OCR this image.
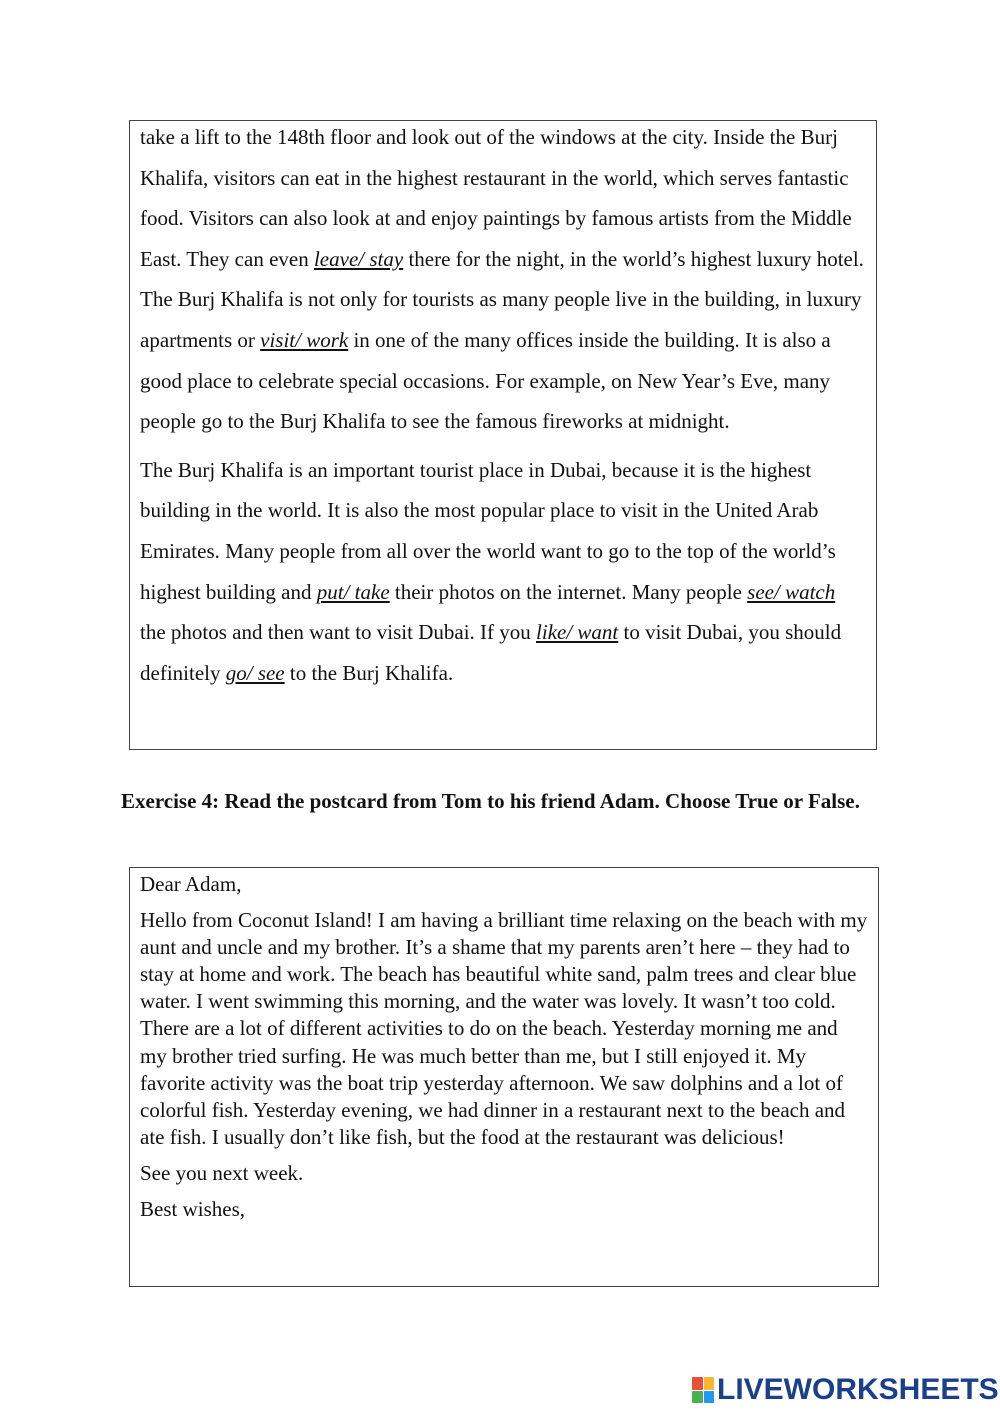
take a lift to the 148th floor and look out of the windows at the city. Inside the Burj Khalifa, visitors can eat in the highest restaurant in the world, which serves fantastic food. Visitors can also look at and enjoy paintings by famous artists from the Middle East. They can even leave/ stay there for the night, in the world’s highest luxury hotel. The Burj Khalifa is not only for tourists as many people live in the building, in luxury apartments or visit/ work in one of the many offices inside the building. It is also a good place to celebrate special occasions. For example, on New Year’s Eve, many people go to the Burj Khalifa to see the famous fireworks at midnight.

The Burj Khalifa is an important tourist place in Dubai, because it is the highest building in the world. It is also the most popular place to visit in the United Arab Emirates. Many people from all over the world want to go to the top of the world’s highest building and put/ take their photos on the internet. Many people see/ watch the photos and then want to visit Dubai. If you like/ want to visit Dubai, you should definitely go/ see to the Burj Khalifa.

Exercise 4: Read the postcard from Tom to his friend Adam. Choose True or False.

Dear Adam,

Hello from Coconut Island! I am having a brilliant time relaxing on the beach with my aunt and uncle and my brother. It’s a shame that my parents aren’t here – they had to stay at home and work. The beach has beautiful white sand, palm trees and clear blue water. I went swimming this morning, and the water was lovely. It wasn’t too cold. There are a lot of different activities to do on the beach. Yesterday morning me and my brother tried surfing. He was much better than me, but I still enjoyed it. My favorite activity was the boat trip yesterday afternoon. We saw dolphins and a lot of colorful fish. Yesterday evening, we had dinner in a restaurant next to the beach and ate fish. I usually don’t like fish, but the food at the restaurant was delicious!

See you next week.

Best wishes,

LIVEWORKSHEETS
